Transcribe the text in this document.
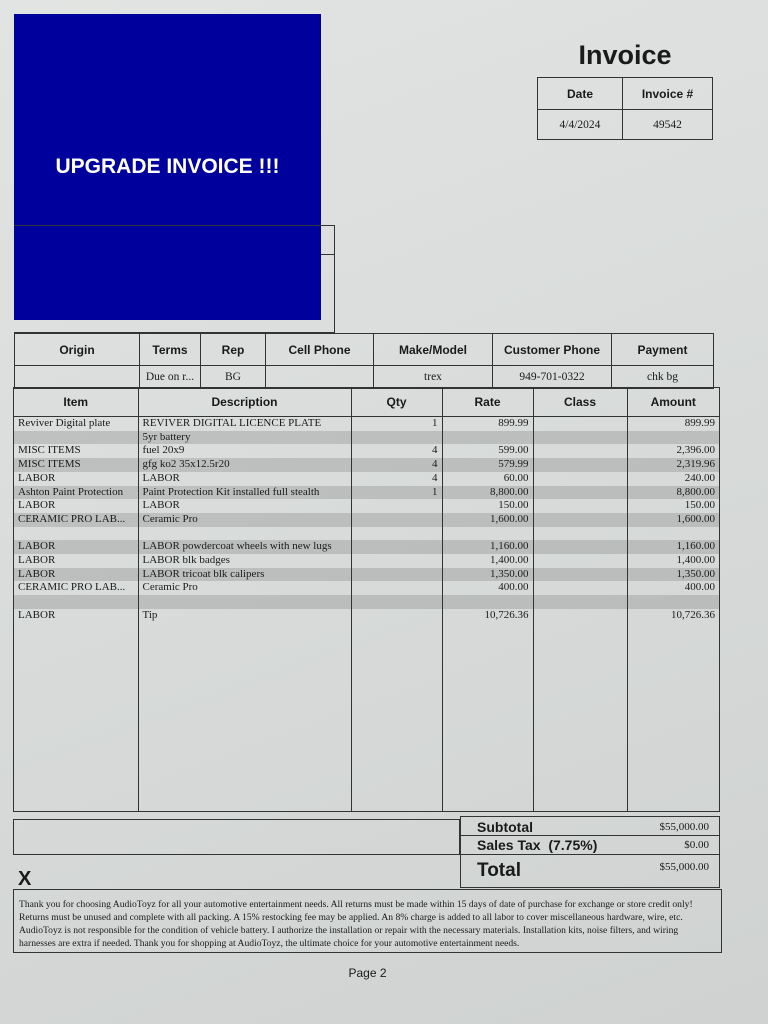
UPGRADE INVOICE !!!
Invoice
Date	Invoice #
4/4/2024	49542
Origin	Terms	Rep	Cell Phone	Make/Model	Customer Phone	Payment
	Due on r...	BG		trex	949-701-0322	chk bg
Item	Description	Qty	Rate	Class	Amount
Reviver Digital plate	REVIVER DIGITAL LICENCE PLATE	1	899.99		899.99
	5yr battery				
MISC ITEMS	fuel 20x9	4	599.00		2,396.00
MISC ITEMS	gfg ko2 35x12.5r20	4	579.99		2,319.96
LABOR	LABOR	4	60.00		240.00
Ashton Paint Protection	Paint Protection Kit installed full stealth	1	8,800.00		8,800.00
LABOR	LABOR		150.00		150.00
CERAMIC PRO LAB...	Ceramic Pro		1,600.00		1,600.00

LABOR	LABOR powdercoat wheels with new lugs		1,160.00		1,160.00
LABOR	LABOR blk badges		1,400.00		1,400.00
LABOR	LABOR tricoat blk calipers		1,350.00		1,350.00
CERAMIC PRO LAB...	Ceramic Pro		400.00		400.00

LABOR	Tip		10,726.36		10,726.36

X
Subtotal	$55,000.00
Sales Tax  (7.75%)	$0.00
Total	$55,000.00
Thank you for choosing AudioToyz for all your automotive entertainment needs. All returns must be made within 15 days of date of purchase for exchange or store credit only! Returns must be unused and complete with all packing. A 15% restocking fee may be applied. An 8% charge is added to all labor to cover miscellaneous hardware, wire, etc. AudioToyz is not responsible for the condition of vehicle battery. I authorize the installation or repair with the necessary materials. Installation kits, noise filters, and wiring harnesses are extra if needed. Thank you for shopping at AudioToyz, the ultimate choice for your automotive entertainment needs.
Page 2
